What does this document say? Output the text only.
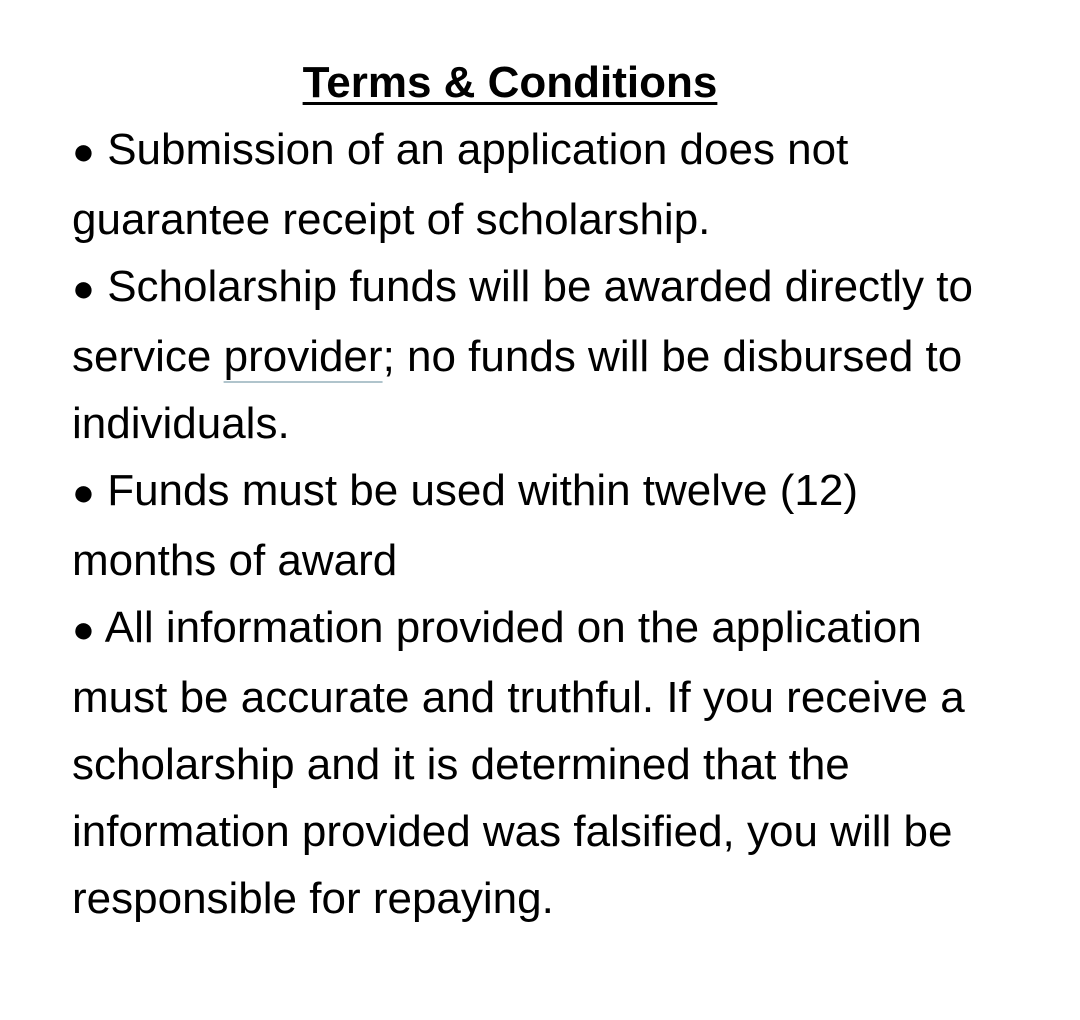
Terms & Conditions
● Submission of an application does not guarantee receipt of scholarship.
● Scholarship funds will be awarded directly to service provider; no funds will be disbursed to individuals.
● Funds must be used within twelve (12) months of award
● All information provided on the application must be accurate and truthful. If you receive a scholarship and it is determined that the information provided was falsified, you will be responsible for repaying.
